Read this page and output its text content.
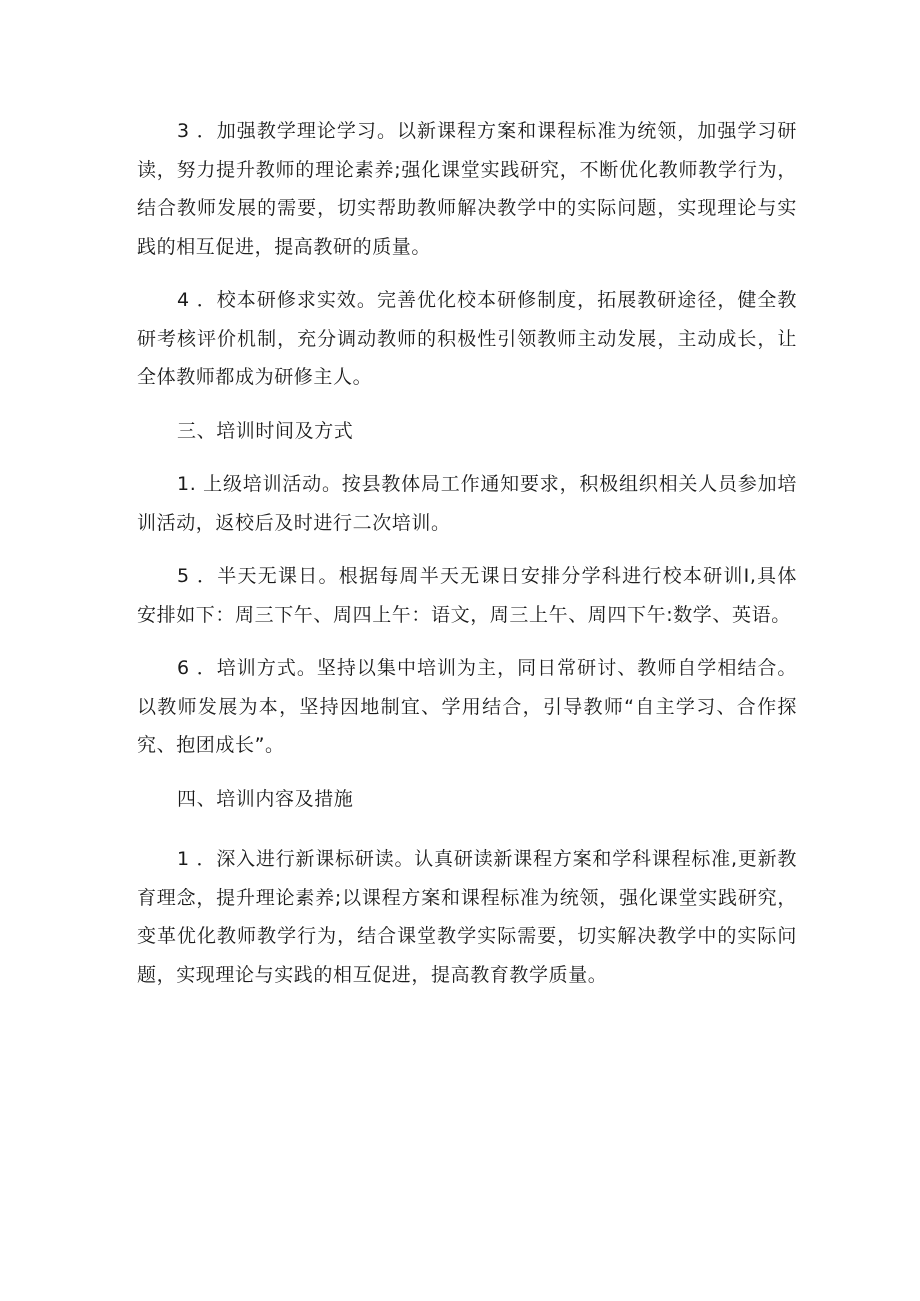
3 ．加强教学理论学习。以新课程方案和课程标准为统领，加强学习研读，努力提升教师的理论素养;强化课堂实践研究，不断优化教师教学行为，结合教师发展的需要，切实帮助教师解决教学中的实际问题，实现理论与实践的相互促进，提高教研的质量。

4 ．校本研修求实效。完善优化校本研修制度，拓展教研途径，健全教研考核评价机制，充分调动教师的积极性引领教师主动发展，主动成长，让全体教师都成为研修主人。

三、培训时间及方式

1. 上级培训活动。按县教体局工作通知要求，积极组织相关人员参加培训活动，返校后及时进行二次培训。

5 ．半天无课日。根据每周半天无课日安排分学科进行校本研训I,具体安排如下：周三下午、周四上午：语文，周三上午、周四下午:数学、英语。

6 ．培训方式。坚持以集中培训为主，同日常研讨、教师自学相结合。以教师发展为本，坚持因地制宜、学用结合，引导教师“自主学习、合作探究、抱团成长”。

四、培训内容及措施

1 ．深入进行新课标研读。认真研读新课程方案和学科课程标准,更新教育理念，提升理论素养;以课程方案和课程标准为统领，强化课堂实践研究，变革优化教师教学行为，结合课堂教学实际需要，切实解决教学中的实际问题，实现理论与实践的相互促进，提高教育教学质量。
